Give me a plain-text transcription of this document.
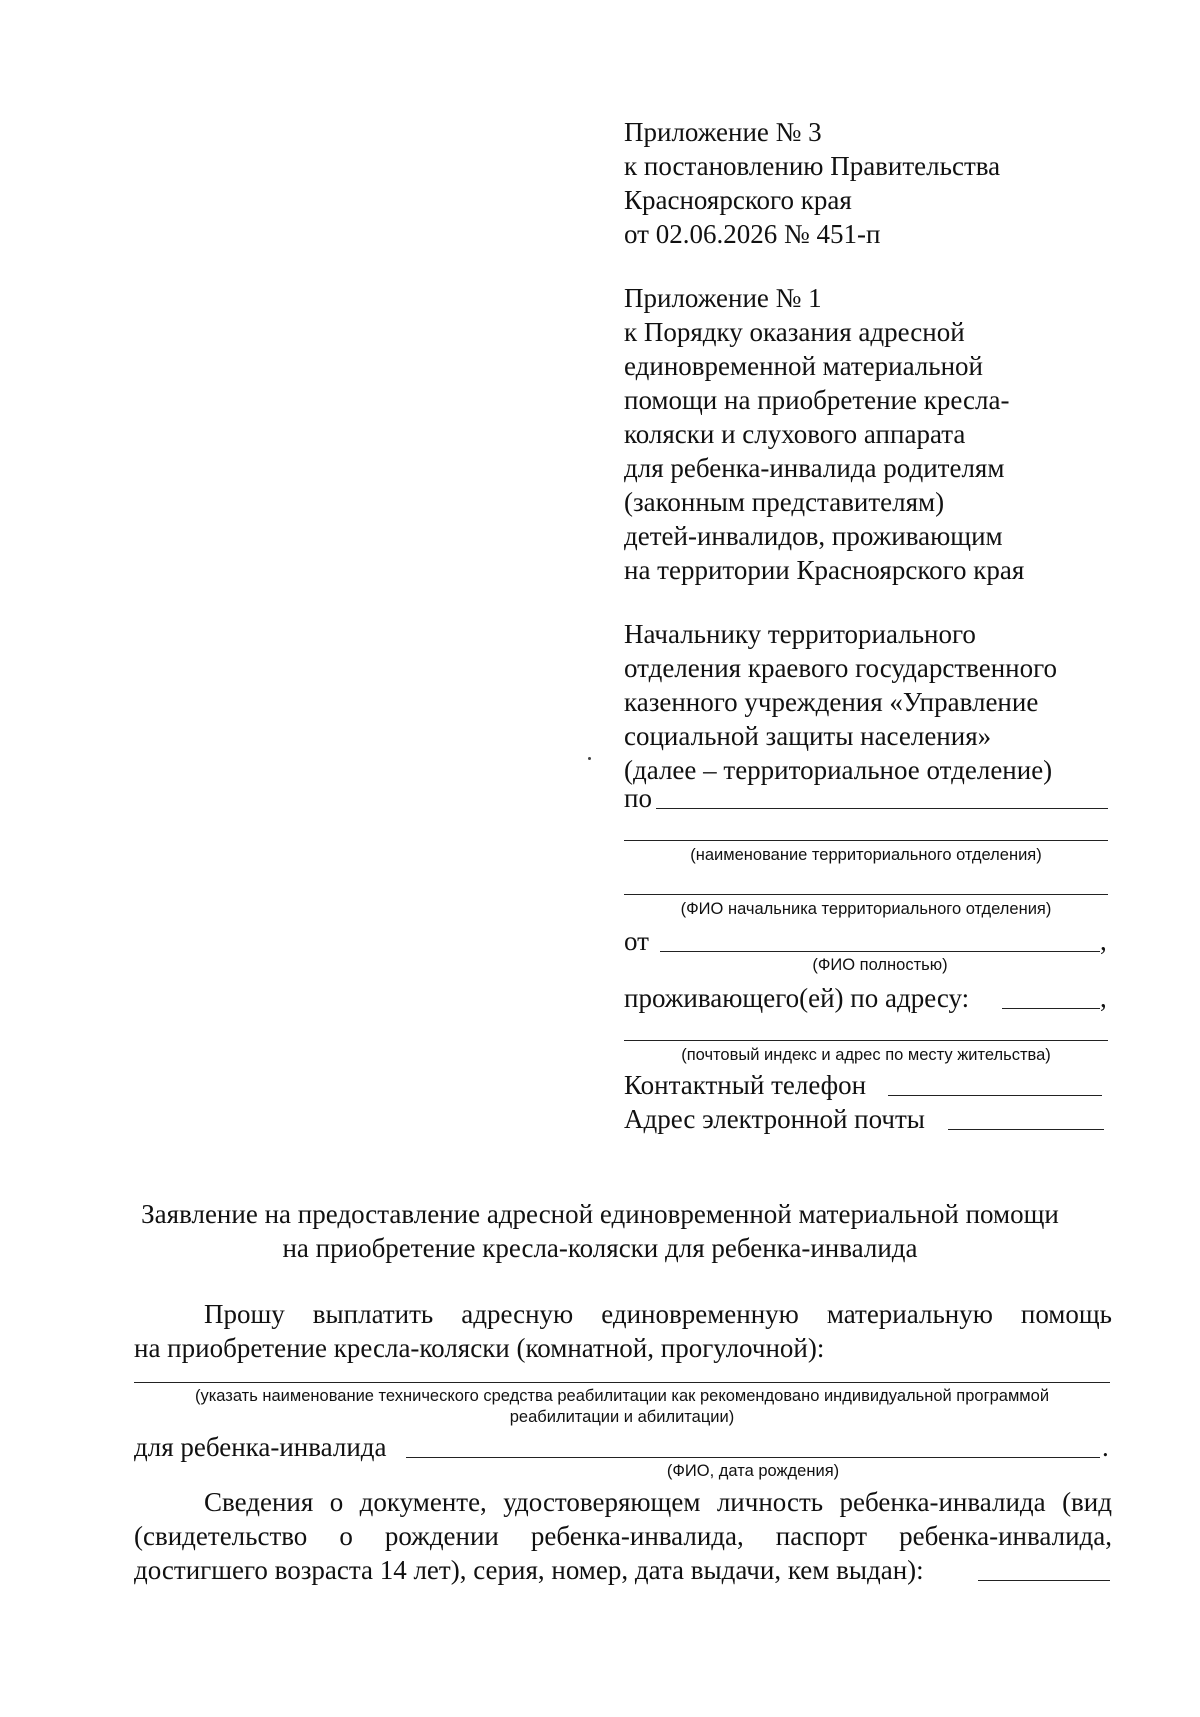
Приложение № 3
к постановлению Правительства
Красноярского края
от 02.06.2026 № 451-п
Приложение № 1
к Порядку оказания адресной
единовременной материальной
помощи на приобретение кресла-
коляски и слухового аппарата
для ребенка-инвалида родителям
(законным представителям)
детей-инвалидов, проживающим
на территории Красноярского края
Начальнику территориального
отделения краевого государственного
казенного учреждения «Управление
социальной защиты населения»
(далее – территориальное отделение)
по
(наименование территориального отделения)
(ФИО начальника территориального отделения)
от	,
(ФИО полностью)
проживающего(ей) по адресу:	,
(почтовый индекс и адрес по месту жительства)
Контактный телефон
Адрес электронной почты
Заявление на предоставление адресной единовременной материальной помощи
на приобретение кресла-коляски для ребенка-инвалида
Прошу выплатить адресную единовременную материальную помощь
на приобретение кресла-коляски (комнатной, прогулочной):
(указать наименование технического средства реабилитации как рекомендовано индивидуальной программой
реабилитации и абилитации)
для ребенка-инвалида	.
(ФИО, дата рождения)
Сведения о документе, удостоверяющем личность ребенка-инвалида (вид
(свидетельство о рождении ребенка-инвалида, паспорт ребенка-инвалида,
достигшего возраста 14 лет), серия, номер, дата выдачи, кем выдан):
